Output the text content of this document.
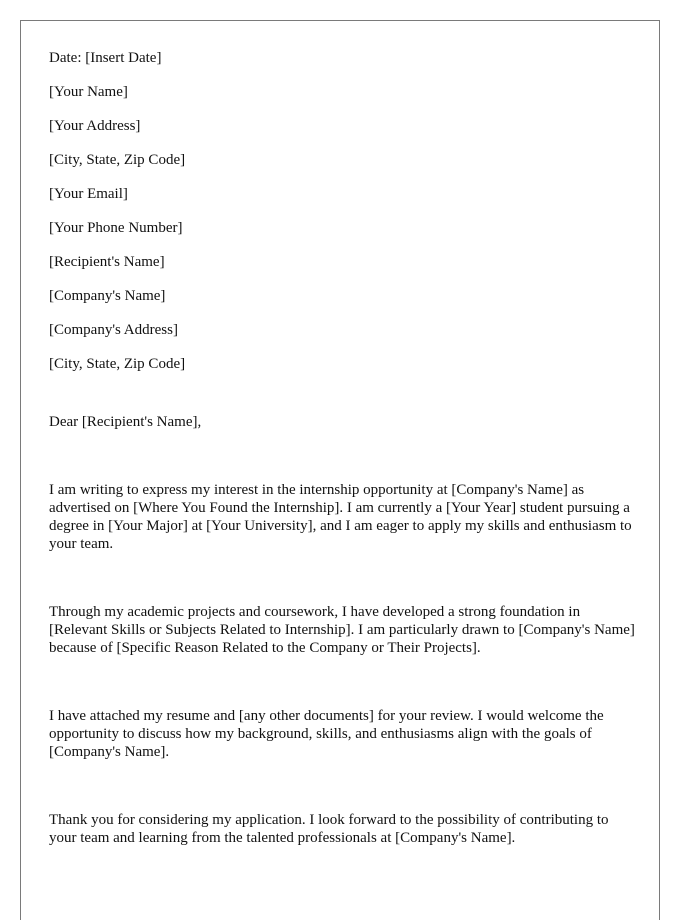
Date: [Insert Date]
[Your Name]
[Your Address]
[City, State, Zip Code]
[Your Email]
[Your Phone Number]
[Recipient's Name]
[Company's Name]
[Company's Address]
[City, State, Zip Code]
Dear [Recipient's Name],

I am writing to express my interest in the internship opportunity at [Company's Name] as advertised on [Where You Found the Internship]. I am currently a [Your Year] student pursuing a degree in [Your Major] at [Your University], and I am eager to apply my skills and enthusiasm to your team.

Through my academic projects and coursework, I have developed a strong foundation in [Relevant Skills or Subjects Related to Internship]. I am particularly drawn to [Company's Name] because of [Specific Reason Related to the Company or Their Projects].

I have attached my resume and [any other documents] for your review. I would welcome the opportunity to discuss how my background, skills, and enthusiasms align with the goals of [Company's Name].

Thank you for considering my application. I look forward to the possibility of contributing to your team and learning from the talented professionals at [Company's Name].
